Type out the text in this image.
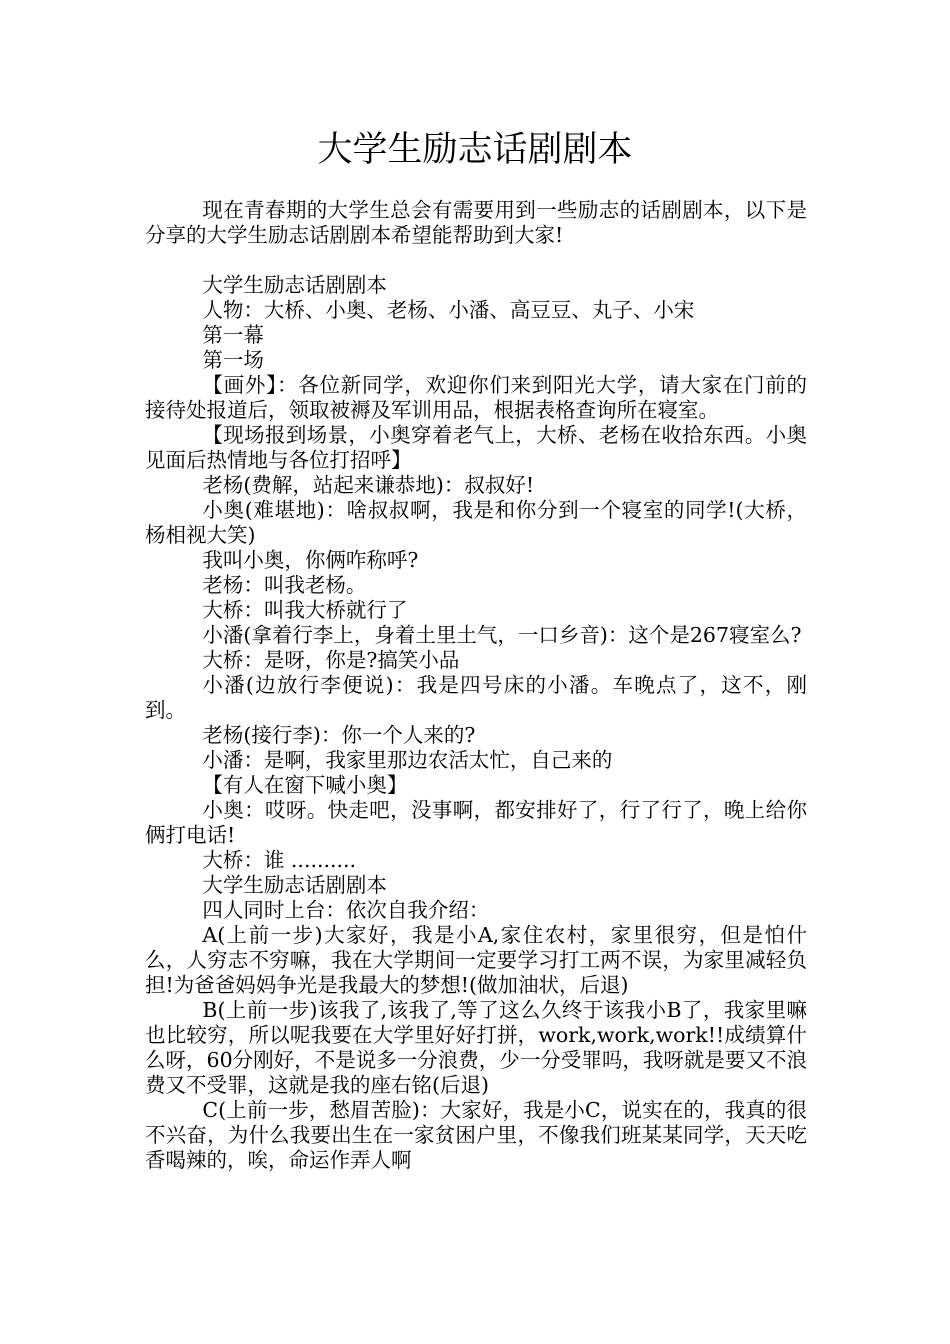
大学生励志话剧剧本

现在青春期的大学生总会有需要用到一些励志的话剧剧本，以下是分享的大学生励志话剧剧本希望能帮助到大家!

大学生励志话剧剧本

人物：大桥、小奥、老杨、小潘、高豆豆、丸子、小宋

第一幕

第一场

【画外】：各位新同学，欢迎你们来到阳光大学，请大家在门前的接待处报道后，领取被褥及军训用品，根据表格查询所在寝室。

【现场报到场景，小奥穿着老气上，大桥、老杨在收拾东西。小奥见面后热情地与各位打招呼】

老杨(费解，站起来谦恭地)：叔叔好!

小奥(难堪地)：啥叔叔啊，我是和你分到一个寝室的同学!(大桥，杨相视大笑)

我叫小奥，你俩咋称呼?

老杨：叫我老杨。

大桥：叫我大桥就行了

小潘(拿着行李上，身着土里土气，一口乡音)：这个是267寝室么?

大桥：是呀，你是?搞笑小品

小潘(边放行李便说)：我是四号床的小潘。车晚点了，这不，刚到。

老杨(接行李)：你一个人来的?

小潘：是啊，我家里那边农活太忙，自己来的

【有人在窗下喊小奥】

小奥：哎呀。快走吧，没事啊，都安排好了，行了行了，晚上给你俩打电话!

大桥：谁 ..........

大学生励志话剧剧本

四人同时上台：依次自我介绍：

A(上前一步)大家好，我是小A,家住农村，家里很穷，但是怕什么，人穷志不穷嘛，我在大学期间一定要学习打工两不误，为家里减轻负担!为爸爸妈妈争光是我最大的梦想!(做加油状，后退)

B(上前一步)该我了,该我了,等了这么久终于该我小B了，我家里嘛也比较穷，所以呢我要在大学里好好打拼，work,work,work!!成绩算什么呀，60分刚好，不是说多一分浪费，少一分受罪吗，我呀就是要又不浪费又不受罪，这就是我的座右铭(后退)

C(上前一步，愁眉苦脸)：大家好，我是小C，说实在的，我真的很不兴奋，为什么我要出生在一家贫困户里，不像我们班某某同学，天天吃香喝辣的，唉，命运作弄人啊
